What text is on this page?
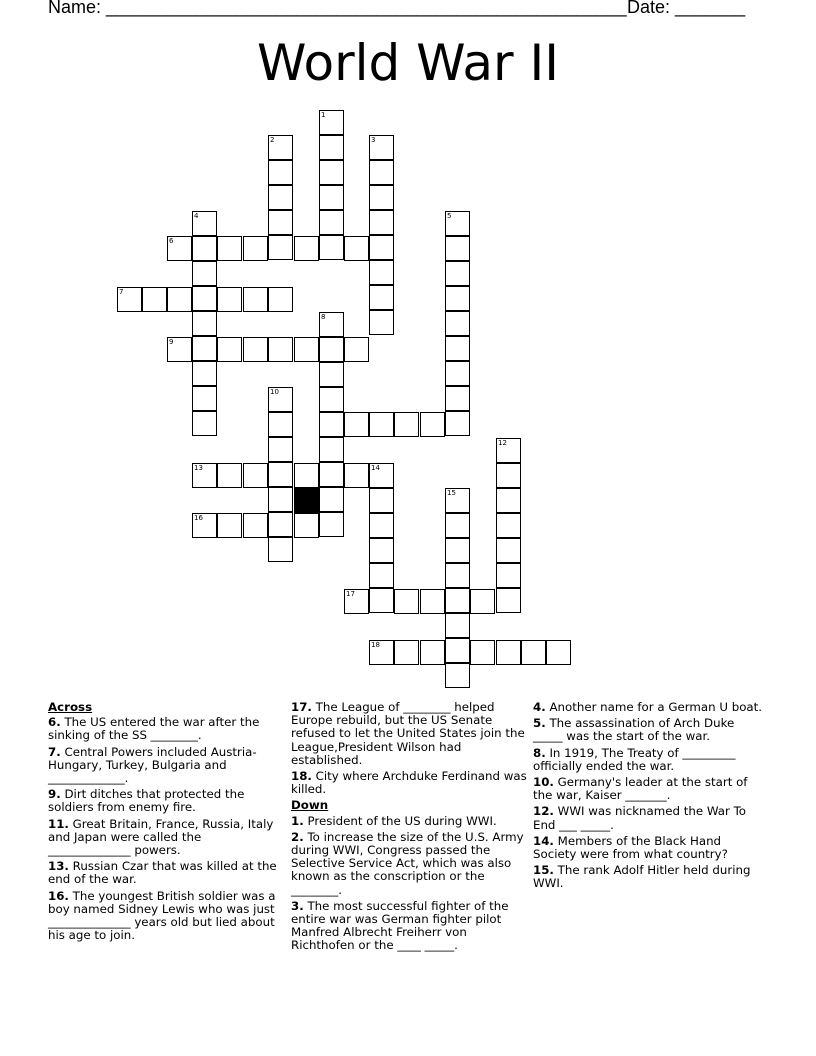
Name: ____________________________________________________ Date: _______
World War II
1
2	3
4	5
6
7
8
9
10
12
13	14
15
16
17
18
Across
6. The US entered the war after the sinking of the SS ________.
7. Central Powers included Austria-Hungary, Turkey, Bulgaria and _____________.
9. Dirt ditches that protected the soldiers from enemy fire.
11. Great Britain, France, Russia, Italy and Japan were called the ______________ powers.
13. Russian Czar that was killed at the end of the war.
16. The youngest British soldier was a boy named Sidney Lewis who was just ______________ years old but lied about his age to join.
17. The League of ________ helped Europe rebuild, but the US Senate refused to let the United States join the League,President Wilson had established.
18. City where Archduke Ferdinand was killed.
Down
1. President of the US during WWI.
2. To increase the size of the U.S. Army during WWI, Congress passed the Selective Service Act, which was also known as the conscription or the ________.
3. The most successful fighter of the entire war was German fighter pilot Manfred Albrecht Freiherr von Richthofen or the ____ _____.
4. Another name for a German U boat.
5. The assassination of Arch Duke _____ was the start of the war.
8. In 1919, The Treaty of _________ officially ended the war.
10. Germany's leader at the start of the war, Kaiser _______.
12. WWI was nicknamed the War To End ___ _____.
14. Members of the Black Hand Society were from what country?
15. The rank Adolf Hitler held during WWI.
